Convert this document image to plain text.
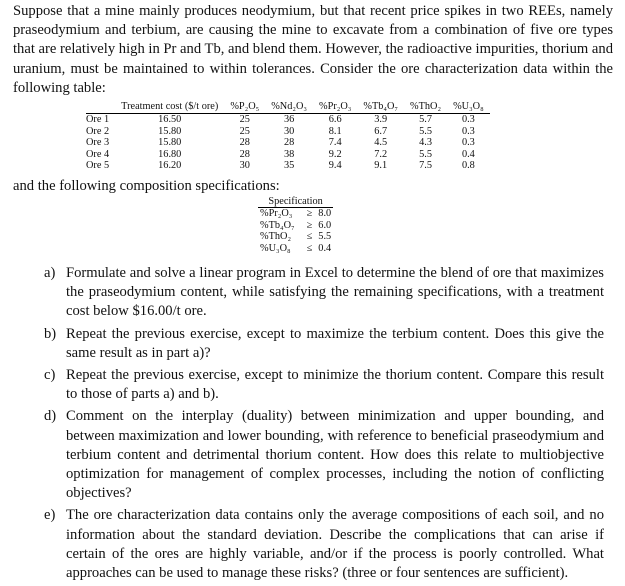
Suppose that a mine mainly produces neodymium, but that recent price spikes in two REEs, namely praseodymium and terbium, are causing the mine to excavate from a combination of five ore types that are relatively high in Pr and Tb, and blend them. However, the radioactive impurities, thorium and uranium, must be maintained to within tolerances. Consider the ore characterization data within the following table:

	Treatment cost ($/t ore)	%P₂O₅	%Nd₂O₃	%Pr₂O₃	%Tb₄O₇	%ThO₂	%U₃O₈
Ore 1	16.50	25	36	6.6	3.9	5.7	0.3
Ore 2	15.80	25	30	8.1	6.7	5.5	0.3
Ore 3	15.80	28	28	7.4	4.5	4.3	0.3
Ore 4	16.80	28	38	9.2	7.2	5.5	0.4
Ore 5	16.20	30	35	9.4	9.1	7.5	0.8

and the following composition specifications:

Specification		
%Pr₂O₃	≥	8.0
%Tb₄O₇	≥	6.0
%ThO₂	≤	5.5
%U₃O₈	≤	0.4
a) Formulate and solve a linear program in Excel to determine the blend of ore that maximizes the praseodymium content, while satisfying the remaining specifications, with a treatment cost below $16.00/t ore.
b) Repeat the previous exercise, except to maximize the terbium content. Does this give the same result as in part a)?
c) Repeat the previous exercise, except to minimize the thorium content. Compare this result to those of parts a) and b).
d) Comment on the interplay (duality) between minimization and upper bounding, and between maximization and lower bounding, with reference to beneficial praseodymium and terbium content and detrimental thorium content. How does this relate to multiobjective optimization for management of complex processes, including the notion of conflicting objectives?
e) The ore characterization data contains only the average compositions of each soil, and no information about the standard deviation. Describe the complications that can arise if certain of the ores are highly variable, and/or if the process is poorly controlled. What approaches can be used to manage these risks? (three or four sentences are sufficient).
